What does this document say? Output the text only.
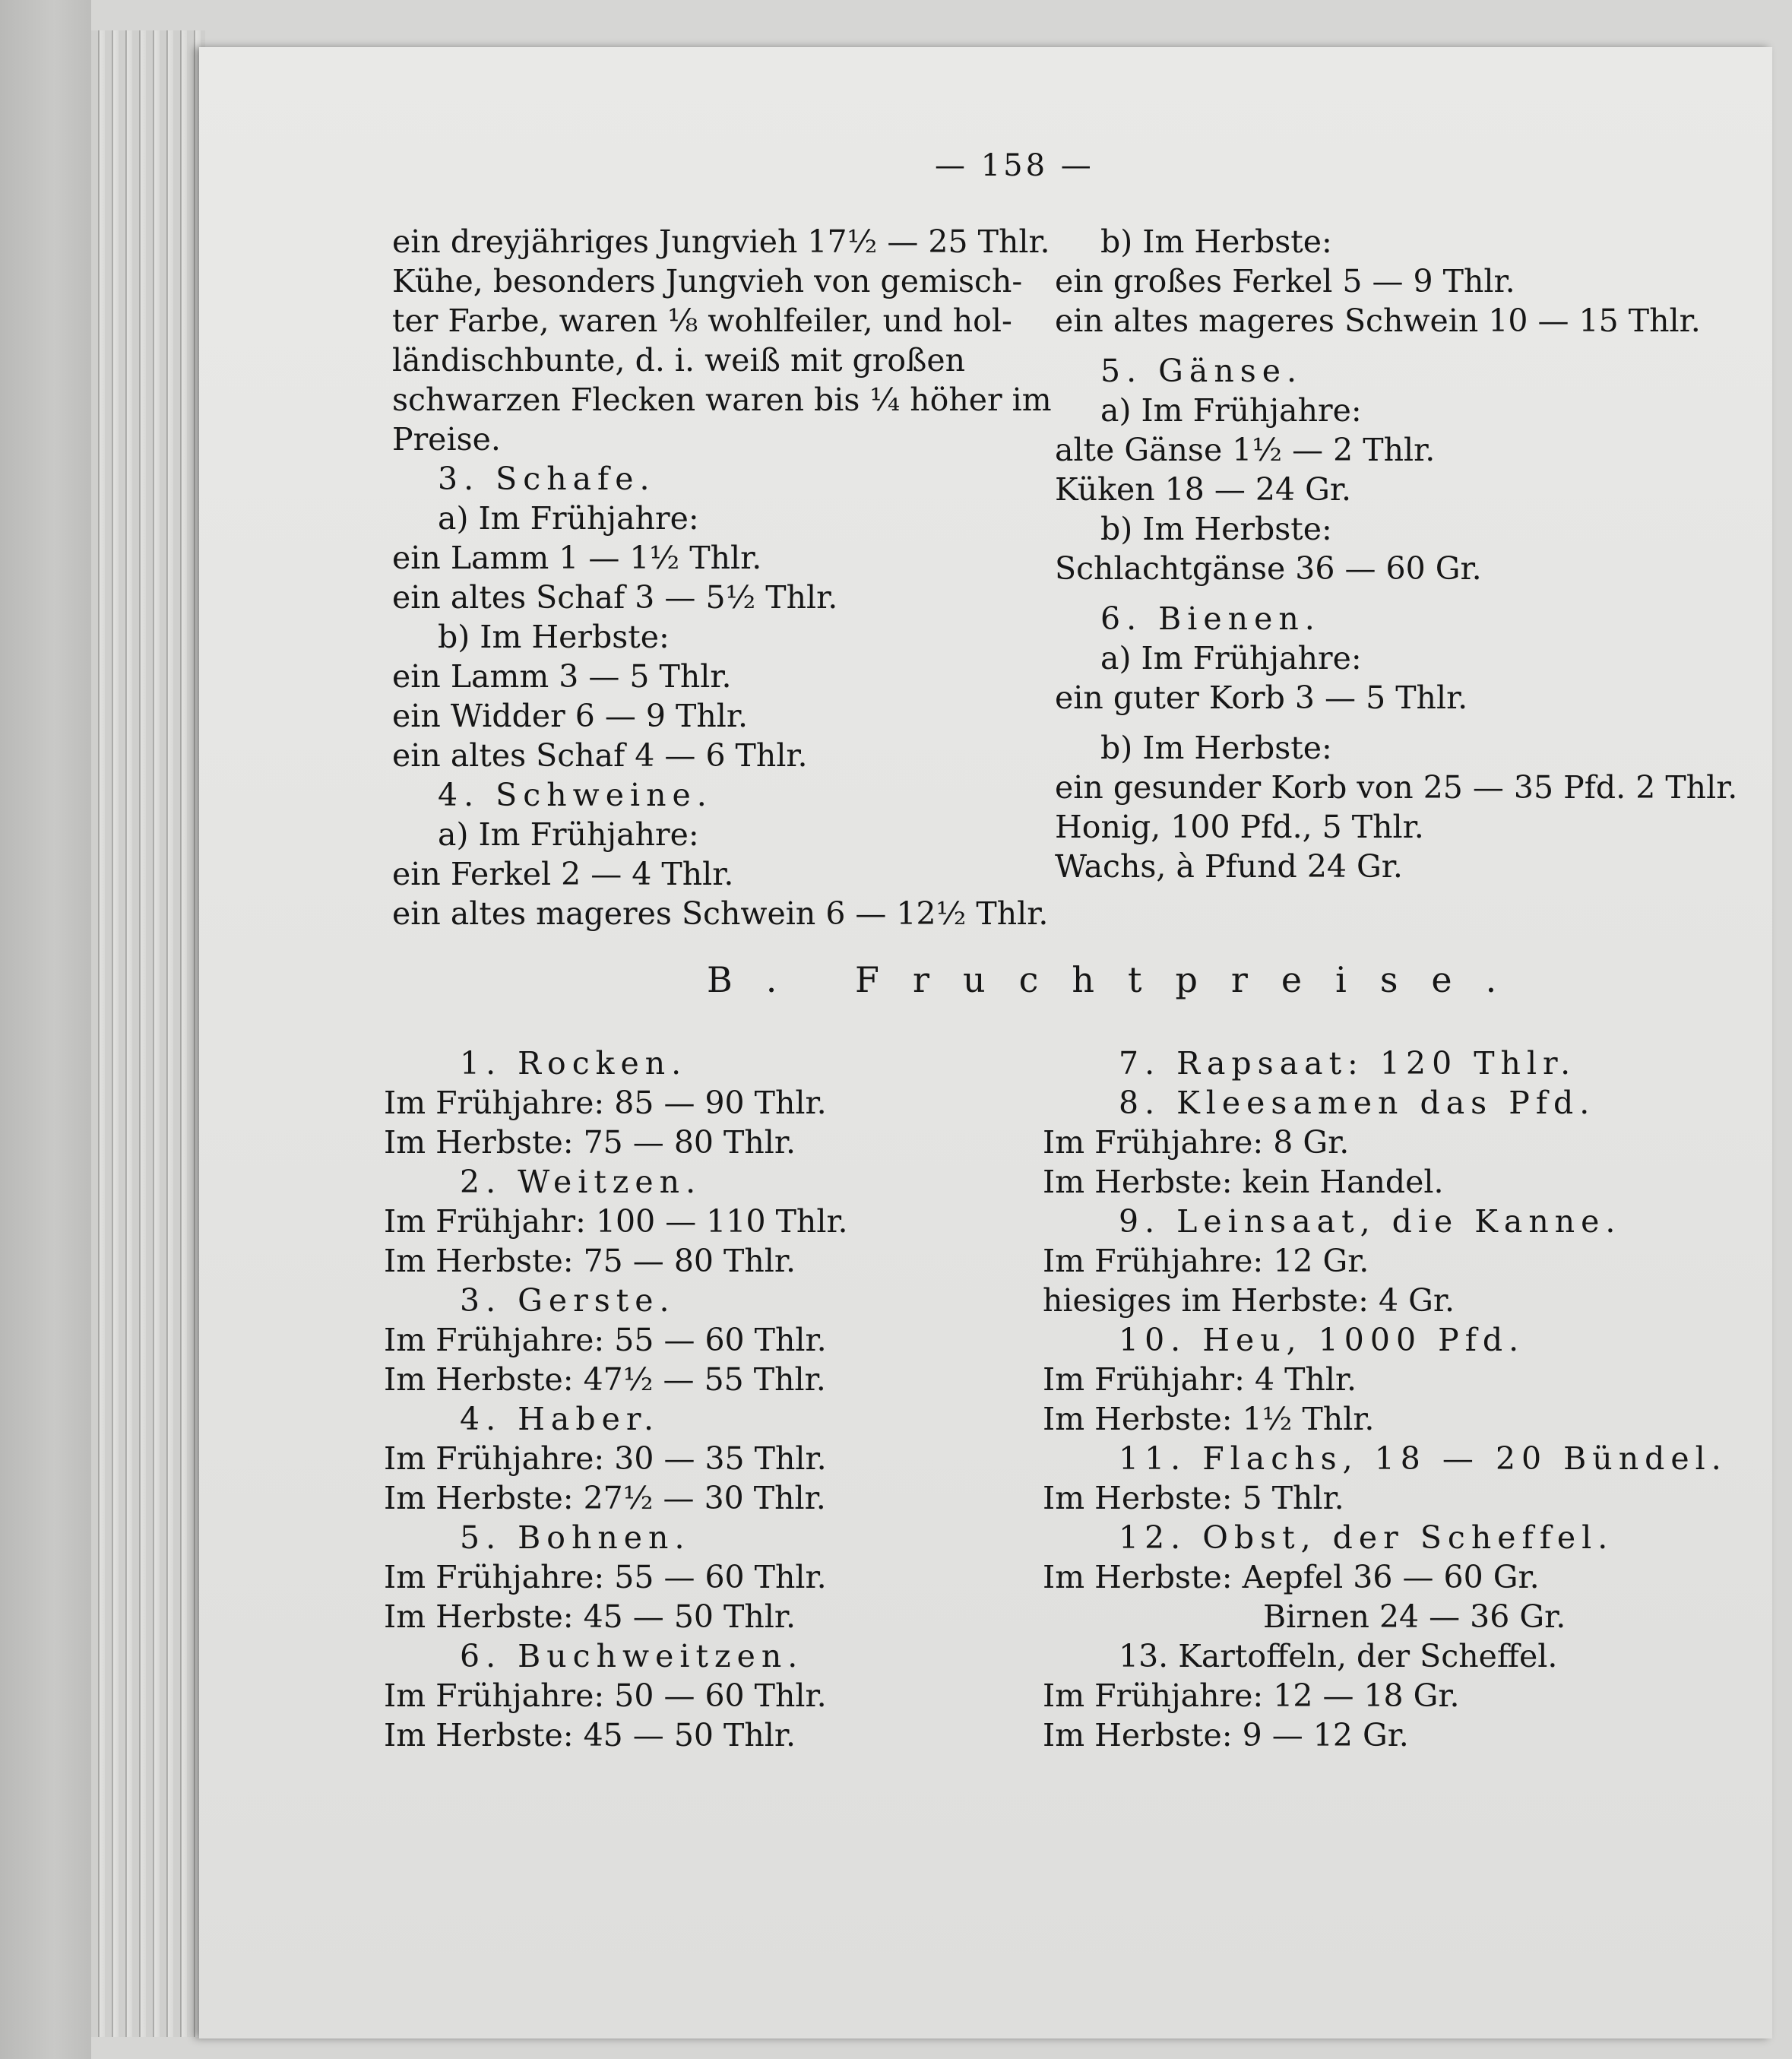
— 158 —
ein dreyjähriges Jungvieh 17½ — 25 Thlr.
Kühe, besonders Jungvieh von gemisch-
ter Farbe, waren ⅛ wohlfeiler, und hol-
ländischbunte, d. i. weiß mit großen
schwarzen Flecken waren bis ¼ höher im
Preise.
3. Schafe.
a) Im Frühjahre:
ein Lamm 1 — 1½ Thlr.
ein altes Schaf 3 — 5½ Thlr.
b) Im Herbste:
ein Lamm 3 — 5 Thlr.
ein Widder 6 — 9 Thlr.
ein altes Schaf 4 — 6 Thlr.
4. Schweine.
a) Im Frühjahre:
ein Ferkel 2 — 4 Thlr.
ein altes mageres Schwein 6 — 12½ Thlr.
b) Im Herbste:
ein großes Ferkel 5 — 9 Thlr.
ein altes mageres Schwein 10 — 15 Thlr.
5. Gänse.
a) Im Frühjahre:
alte Gänse 1½ — 2 Thlr.
Küken 18 — 24 Gr.
b) Im Herbste:
Schlachtgänse 36 — 60 Gr.
6. Bienen.
a) Im Frühjahre:
ein guter Korb 3 — 5 Thlr.
b) Im Herbste:
ein gesunder Korb von 25 — 35 Pfd. 2 Thlr.
Honig, 100 Pfd., 5 Thlr.
Wachs, à Pfund 24 Gr.
B. Fruchtpreise.
1. Rocken.
Im Frühjahre: 85 — 90 Thlr.
Im Herbste: 75 — 80 Thlr.
2. Weitzen.
Im Frühjahr: 100 — 110 Thlr.
Im Herbste: 75 — 80 Thlr.
3. Gerste.
Im Frühjahre: 55 — 60 Thlr.
Im Herbste: 47½ — 55 Thlr.
4. Haber.
Im Frühjahre: 30 — 35 Thlr.
Im Herbste: 27½ — 30 Thlr.
5. Bohnen.
Im Frühjahre: 55 — 60 Thlr.
Im Herbste: 45 — 50 Thlr.
6. Buchweitzen.
Im Frühjahre: 50 — 60 Thlr.
Im Herbste: 45 — 50 Thlr.
7. Rapsaat: 120 Thlr.
8. Kleesamen das Pfd.
Im Frühjahre: 8 Gr.
Im Herbste: kein Handel.
9. Leinsaat, die Kanne.
Im Frühjahre: 12 Gr.
hiesiges im Herbste: 4 Gr.
10. Heu, 1000 Pfd.
Im Frühjahr: 4 Thlr.
Im Herbste: 1½ Thlr.
11. Flachs, 18 — 20 Bündel.
Im Herbste: 5 Thlr.
12. Obst, der Scheffel.
Im Herbste: Aepfel 36 — 60 Gr.
Birnen 24 — 36 Gr.
13. Kartoffeln, der Scheffel.
Im Frühjahre: 12 — 18 Gr.
Im Herbste: 9 — 12 Gr.
